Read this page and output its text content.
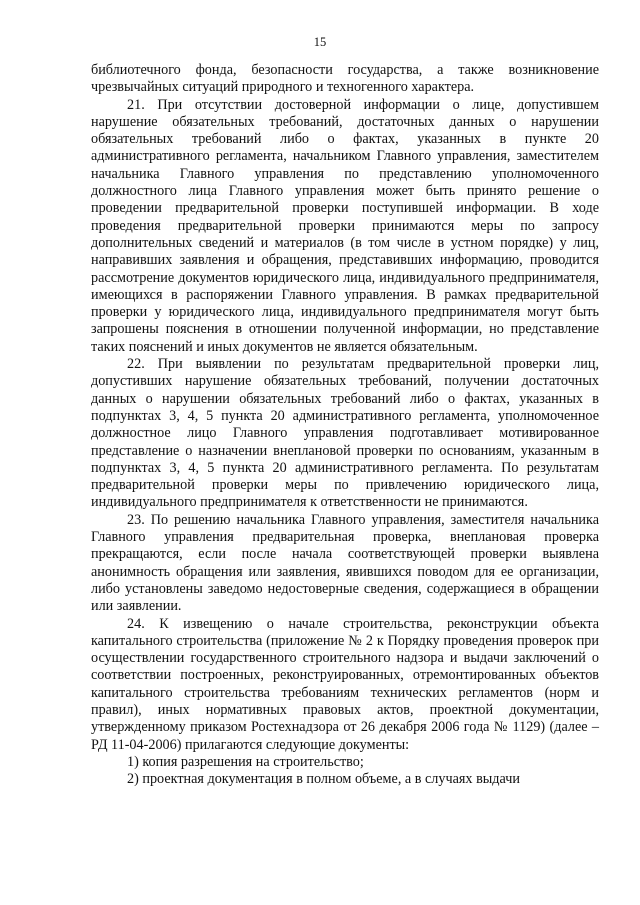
15

библиотечного фонда, безопасности государства, а также возникновение чрезвычайных ситуаций природного и техногенного характера.

21. При отсутствии достоверной информации о лице, допустившем нарушение обязательных требований, достаточных данных о нарушении обязательных требований либо о фактах, указанных в пункте 20 административного регламента, начальником Главного управления, заместителем начальника Главного управления по представлению уполномоченного должностного лица Главного управления может быть принято решение о проведении предварительной проверки поступившей информации. В ходе проведения предварительной проверки принимаются меры по запросу дополнительных сведений и материалов (в том числе в устном порядке) у лиц, направивших заявления и обращения, представивших информацию, проводится рассмотрение документов юридического лица, индивидуального предпринимателя, имеющихся в распоряжении Главного управления. В рамках предварительной проверки у юридического лица, индивидуального предпринимателя могут быть запрошены пояснения в отношении полученной информации, но представление таких пояснений и иных документов не является обязательным.

22. При выявлении по результатам предварительной проверки лиц, допустивших нарушение обязательных требований, получении достаточных данных о нарушении обязательных требований либо о фактах, указанных в подпунктах 3, 4, 5 пункта 20 административного регламента, уполномоченное должностное лицо Главного управления подготавливает мотивированное представление о назначении внеплановой проверки по основаниям, указанным в подпунктах 3, 4, 5 пункта 20 административного регламента. По результатам предварительной проверки меры по привлечению юридического лица, индивидуального предпринимателя к ответственности не принимаются.

23. По решению начальника Главного управления, заместителя начальника Главного управления предварительная проверка, внеплановая проверка прекращаются, если после начала соответствующей проверки выявлена анонимность обращения или заявления, явившихся поводом для ее организации, либо установлены заведомо недостоверные сведения, содержащиеся в обращении или заявлении.

24. К извещению о начале строительства, реконструкции объекта капитального строительства (приложение № 2 к Порядку проведения проверок при осуществлении государственного строительного надзора и выдачи заключений о соответствии построенных, реконструированных, отремонтированных объектов капитального строительства требованиям технических регламентов (норм и правил), иных нормативных правовых актов, проектной документации, утвержденному приказом Ростехнадзора от 26 декабря 2006 года № 1129) (далее – РД 11-04-2006) прилагаются следующие документы:

1) копия разрешения на строительство;

2) проектная документация в полном объеме, а в случаях выдачи
